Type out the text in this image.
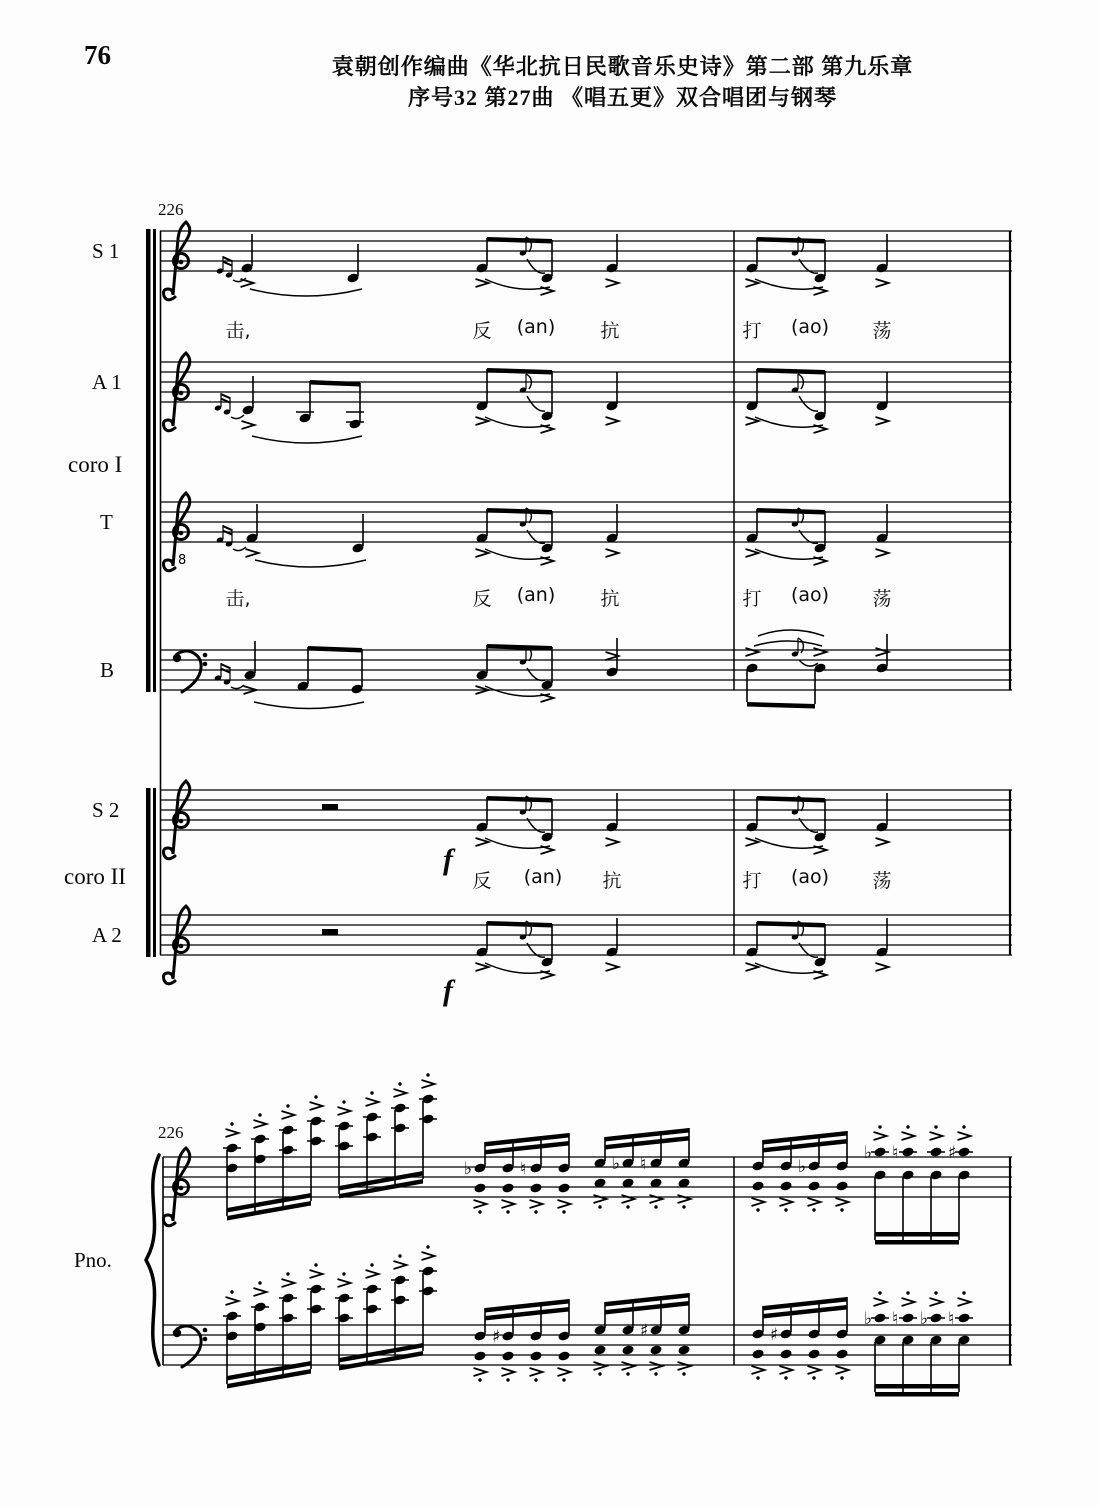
8
♭	♮	♭ ♮	♭
♭ ♮	♯
♯	♯	♯
♭ ♮ ♭ ♮
76	袁朝创作编曲《华北抗日民歌音乐史诗》第二部 第九乐章
序号32 第27曲 《唱五更》双合唱团与钢琴
226
226
S 1
A 1
coro I
T
B
S 2
coro II
A 2
Pno.
击,	反 (an) 抗	打 (ao) 荡
击,	反 (an) 抗	打 (ao) 荡
反 (an) 抗	打 (ao) 荡
f
f
